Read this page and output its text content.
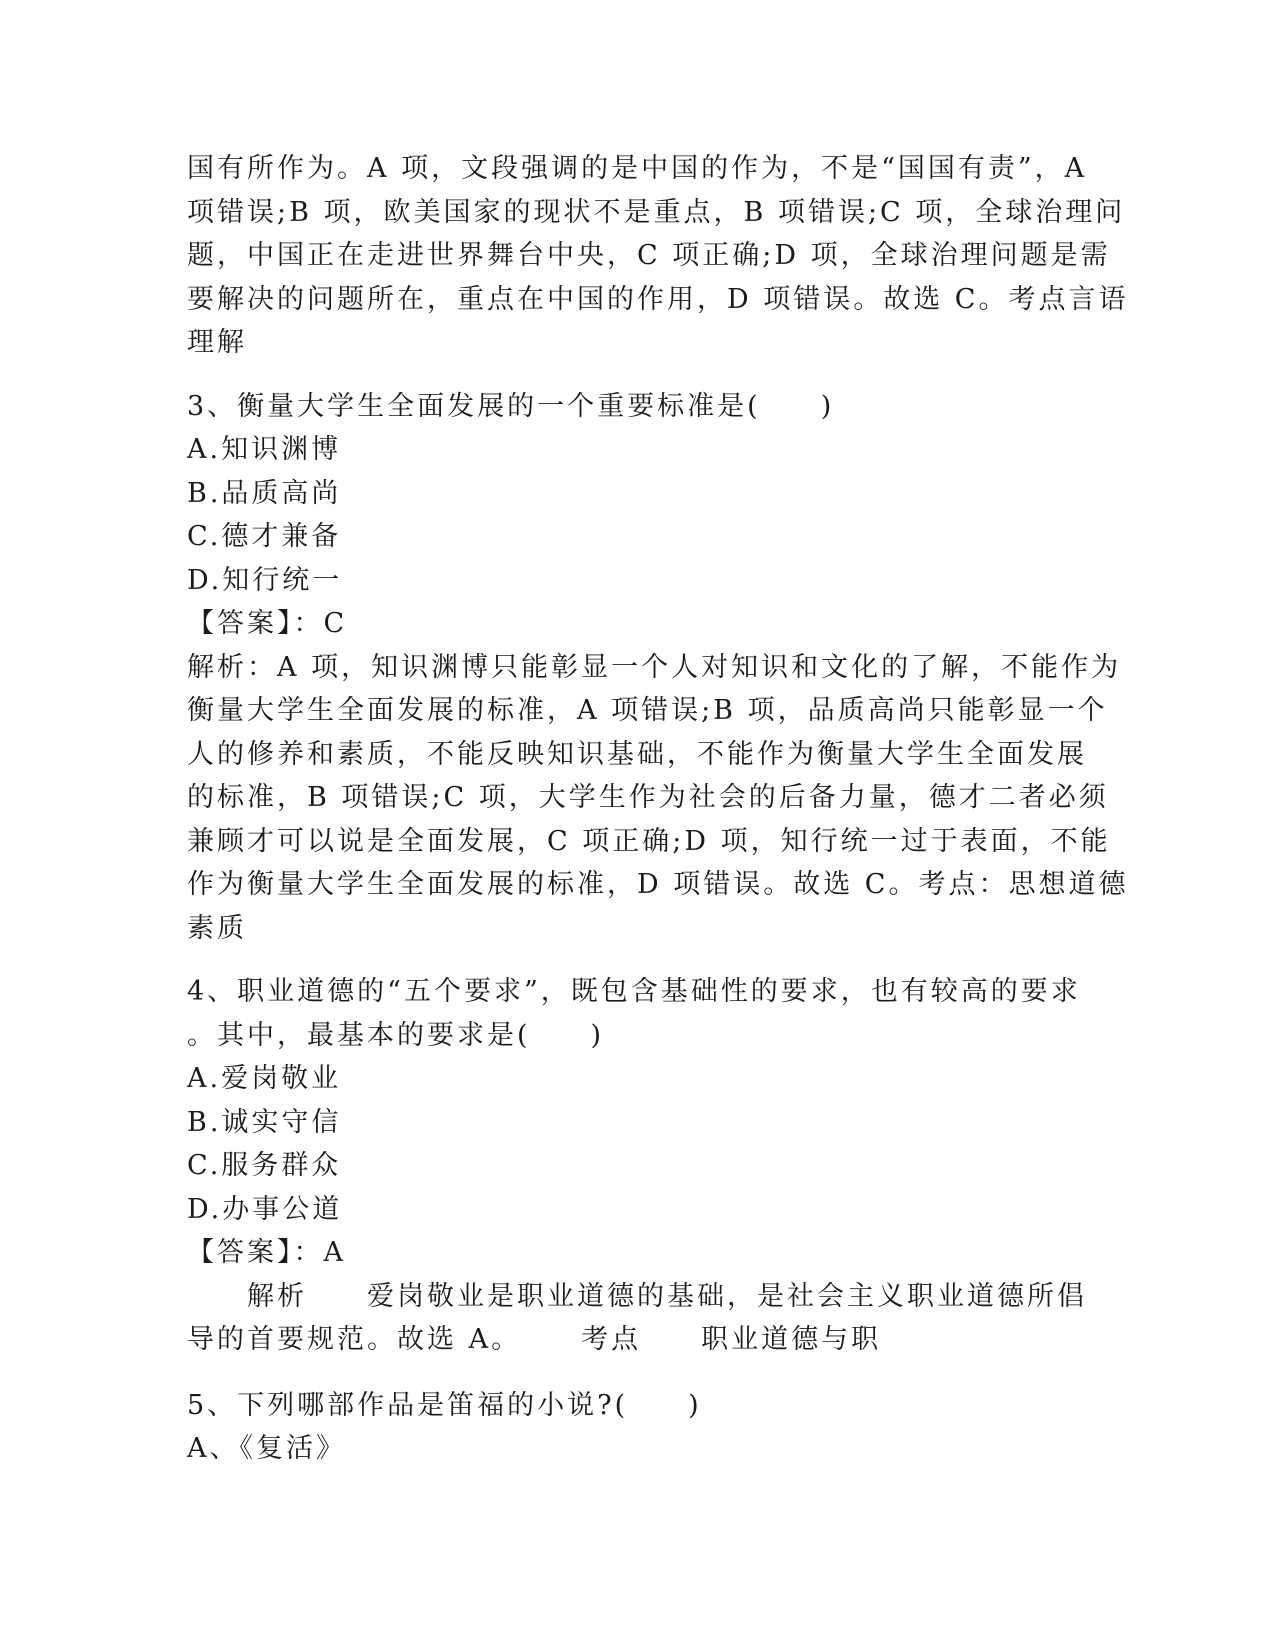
国有所作为。A 项，文段强调的是中国的作为，不是“国国有责”，A

项错误;B 项，欧美国家的现状不是重点，B 项错误;C 项，全球治理问

题，中国正在走进世界舞台中央，C 项正确;D 项，全球治理问题是需

要解决的问题所在，重点在中国的作用，D 项错误。故选 C。考点言语

理解

3、衡量大学生全面发展的一个重要标准是(　　)

A.知识渊博

B.品质高尚

C.德才兼备

D.知行统一

【答案】：C

解析：A 项，知识渊博只能彰显一个人对知识和文化的了解，不能作为

衡量大学生全面发展的标准，A 项错误;B 项，品质高尚只能彰显一个

人的修养和素质，不能反映知识基础，不能作为衡量大学生全面发展

的标准，B 项错误;C 项，大学生作为社会的后备力量，德才二者必须

兼顾才可以说是全面发展，C 项正确;D 项，知行统一过于表面，不能

作为衡量大学生全面发展的标准，D 项错误。故选 C。考点：思想道德

素质

4、职业道德的“五个要求”，既包含基础性的要求，也有较高的要求

。其中，最基本的要求是(　　)

A.爱岗敬业

B.诚实守信

C.服务群众

D.办事公道

【答案】：A

解析 爱岗敬业是职业道德的基础，是社会主义职业道德所倡

导的首要规范。故选 A。 考点 职业道德与职

5、下列哪部作品是笛福的小说?(　　)

A、《复活》
